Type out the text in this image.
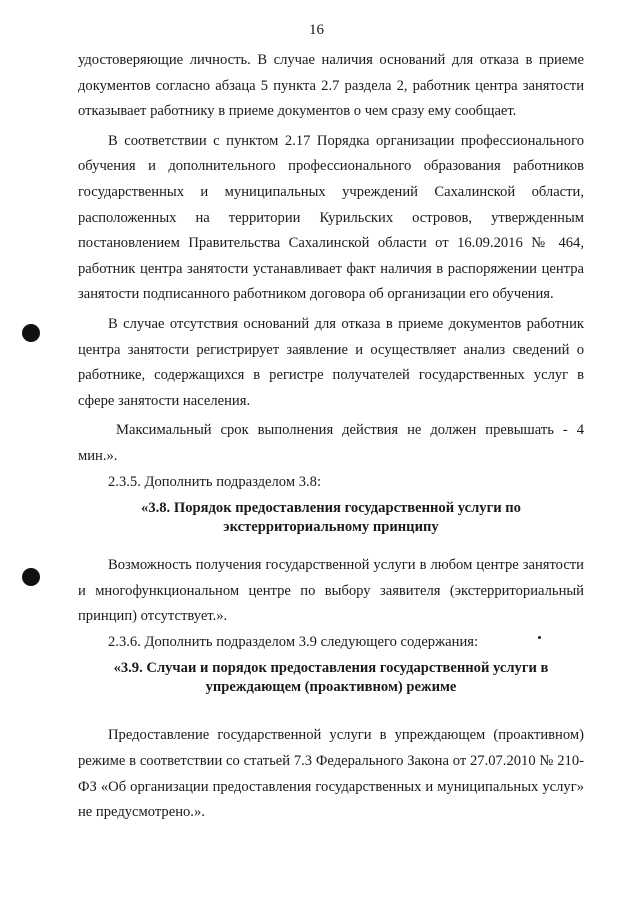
16

удостоверяющие личность. В случае наличия оснований для отказа в приеме документов согласно абзаца 5 пункта 2.7 раздела 2, работник центра занятости отказывает работнику в приеме документов о чем сразу ему сообщает.

В соответствии с пунктом 2.17 Порядка организации профессионального обучения и дополнительного профессионального образования работников государственных и муниципальных учреждений Сахалинской области, расположенных на территории Курильских островов, утвержденным постановлением Правительства Сахалинской области от 16.09.2016 № 464, работник центра занятости устанавливает факт наличия в распоряжении центра занятости подписанного работником договора об организации его обучения.

В случае отсутствия оснований для отказа в приеме документов работник центра занятости регистрирует заявление и осуществляет анализ сведений о работнике, содержащихся в регистре получателей государственных услуг в сфере занятости населения.

Максимальный срок выполнения действия не должен превышать - 4 мин.».

2.3.5. Дополнить подразделом 3.8:

«3.8. Порядок предоставления государственной услуги по экстерриториальному принципу

Возможность получения государственной услуги в любом центре занятости и многофункциональном центре по выбору заявителя (экстерриториальный принцип) отсутствует.».

2.3.6. Дополнить подразделом 3.9 следующего содержания:

«3.9. Случаи и порядок предоставления государственной услуги в упреждающем (проактивном) режиме

Предоставление государственной услуги в упреждающем (проактивном) режиме в соответствии со статьей 7.3 Федерального Закона от 27.07.2010 № 210-ФЗ «Об организации предоставления государственных и муниципальных услуг» не предусмотрено.».
